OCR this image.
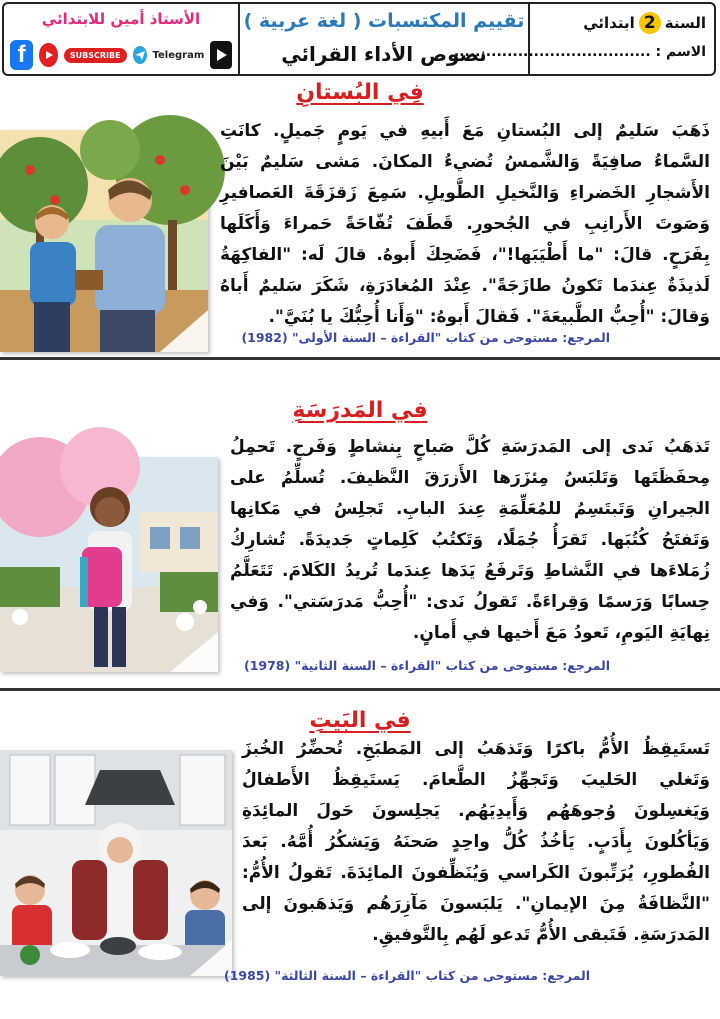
الأستاذ أمين للابتدائي
f	SUBSCRIBE	Telegram
تقييم المكتسبات ( لغة عربية )
نصوص الأداء القرائي
السنة
2
ابتدائي
الاسم : .....................................
فِي البُستانِ
ذَهَبَ سَليمٌ إلى البُستانِ مَعَ أَبيهِ في يَومٍ جَميلٍ. كانَتِ السَّماءُ صافِيَةً وَالشَّمسُ تُضيءُ المكانَ. مَشى سَليمٌ بَيْنَ الأَشجارِ الخَضراءِ وَالنَّخيلِ الطَّويلِ. سَمِعَ زَقزَقَةَ العَصافيرِ وَصَوتَ الأَرانِبِ في الجُحورِ. قَطَفَ تُفّاحَةً حَمراءَ وَأَكَلَها بِفَرَحٍ. قالَ: "ما أَطْيَبَها!"، فَضَحِكَ أَبوهُ. قالَ لَه: "الفاكِهَةُ لَذيذَةٌ عِندَما تَكونُ طازَجَةً". عِنْدَ المُغادَرَةِ، شَكَرَ سَليمٌ أَباهُ وَقالَ: "أُحِبُّ الطَّبيعَةَ". فَقالَ أَبوهُ: "وَأَنا أُحِبُّكَ يا بُنَيَّ".
المرجع: مستوحى من كتاب "القراءة – السنة الأولى" (1982)
في المَدرَسَةِ
تَذهَبُ نَدى إلى المَدرَسَةِ كُلَّ صَباحٍ بِنشاطٍ وَفَرحٍ. تَحمِلُ مِحفَظَتَها وَتَلبَسُ مِئزَرَها الأَزرَقَ النَّظيفَ. تُسلِّمُ على الجيرانِ وَتَبتَسِمُ للمُعَلِّمَةِ عِندَ البابِ. تَجلِسُ في مَكانِها وَتَفتَحُ كُتُبَها. تَقرَأُ جُمَلًا، وَتَكتُبُ كَلِماتٍ جَديدَةً. تُشارِكُ زُمَلاءَها في النَّشاطِ وَتَرفَعُ يَدَها عِندَما تُريدُ الكَلامَ. تَتَعَلَّمُ حِسابًا وَرَسمًا وَقِراءَةً. تَقولُ نَدى: "أُحِبُّ مَدرَسَتي". وَفي نِهايَةِ اليَومِ، تَعودُ مَعَ أَخيها في أَمانٍ.
المرجع: مستوحى من كتاب "القراءة – السنة الثانية" (1978)
في البَيتِ
تَستَيقِظُ الأُمُّ باكرًا وَتَذهَبُ إلى المَطبَخِ. تُحضِّرُ الخُبزَ وَتَغلي الحَليبَ وَتَجهِّزُ الطَّعامَ. يَستَيقِظُ الأَطفالُ وَيَغسِلونَ وُجوهَهُم وَأَيدِيَهُم. يَجلِسونَ حَولَ المائِدَةِ وَيَأكُلونَ بِأَدَبٍ. يَأخُذُ كُلُّ واحِدٍ صَحنَهُ وَيَشكُرُ أُمَّهُ. بَعدَ الفُطورِ، يُرَتِّبونَ الكَراسي وَيُنَظِّفونَ المائِدَةَ. تَقولُ الأُمُّ: "النَّظافَةُ مِنَ الإيمانِ". يَلبَسونَ مَآزِرَهُم وَيَذهَبونَ إلى المَدرَسَةِ. فَتَبقى الأُمُّ تَدعو لَهُم بِالتَّوفيقِ.
المرجع: مستوحى من كتاب "القراءة – السنة الثالثة" (1985)
